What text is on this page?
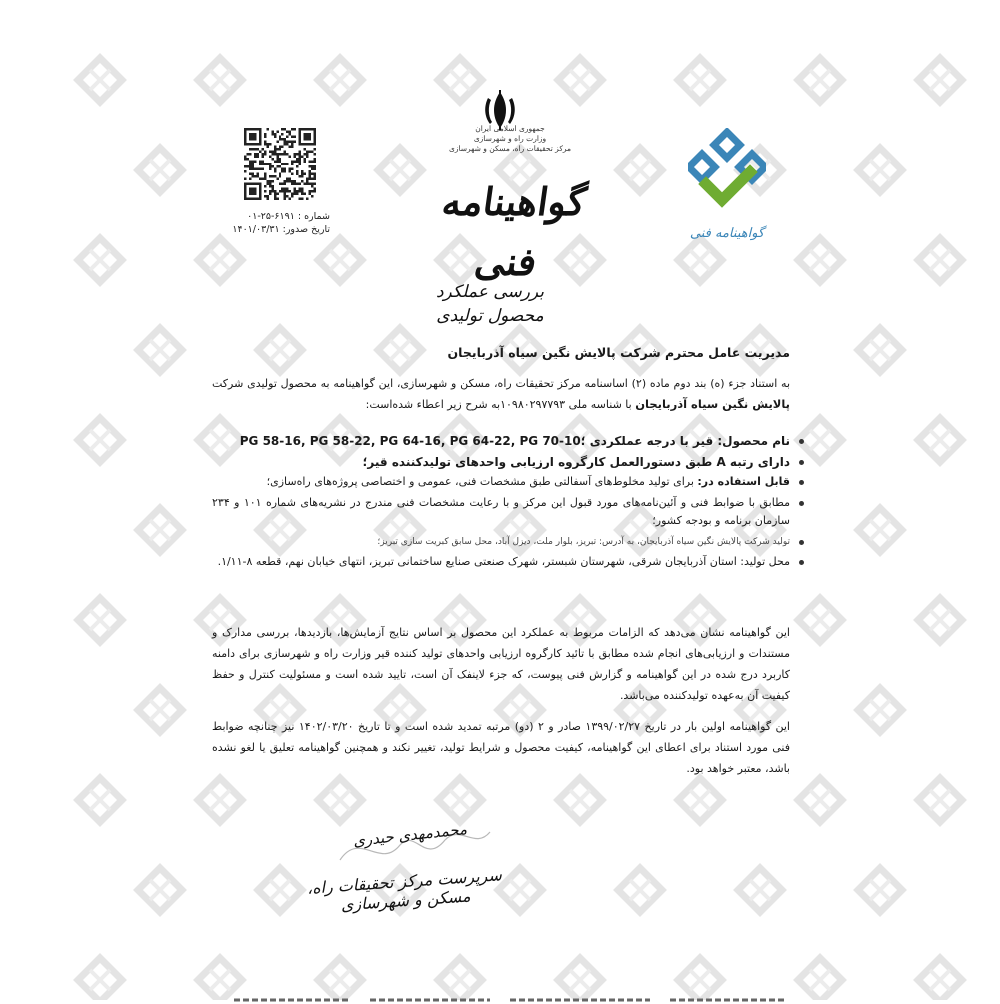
جمهوری اسلامی ایران
وزارت راه و شهرسازی
مرکز تحقیقات راه، مسکن و شهرسازی
گواهینامه فنی
بررسی عملکرد محصول تولیدی
شماره : ۶۱۹۱-۲۵-۰۱
تاریخ صدور: ۱۴۰۱/۰۳/۳۱	گواهینامه فنی
مدیریت عامل محترم شرکت پالایش نگین سیاه آذربایجان
به استناد جزء (ه) بند دوم ماده (۲) اساسنامه مرکز تحقیقات راه، مسکن و شهرسازی، این گواهینامه به محصول تولیدی شرکت پالایش نگین سیاه آذربایجان با شناسه ملی ۱۰۹۸۰۲۹۷۷۹۳به شرح زیر اعطاء شده‌است:
نام محصول: قیر با درجه عملکردی PG 58-16, PG 58-22, PG 64-16, PG 64-22, PG 70-10؛
دارای رتبه A طبق دستورالعمل کارگروه ارزیابی واحدهای تولیدکننده قیر؛
قابل استفاده در: برای تولید مخلوط‌های آسفالتی طبق مشخصات فنی، عمومی و اختصاصی پروژه‌های راه‌سازی؛
مطابق با ضوابط فنی و آئین‌نامه‌های مورد قبول این مرکز و با رعایت مشخصات فنی مندرج در نشریه‌های شماره ۱۰۱ و ۲۳۴ سازمان برنامه و بودجه کشور؛
تولید شرکت پالایش نگین سیاه آذربایجان، به آدرس: تبریز، بلوار ملت، دیزل آباد، محل سابق کبریت سازی تبریز؛
محل تولید: استان آذربایجان شرقی، شهرستان شبستر، شهرک صنعتی صنایع ساختمانی تبریز، انتهای خیابان نهم، قطعه ۸-۱/۱۱.
این گواهینامه نشان می‌دهد که الزامات مربوط به عملکرد این محصول بر اساس نتایج آزمایش‌ها، بازدیدها، بررسی مدارک و مستندات و ارزیابی‌های انجام شده مطابق با تائید کارگروه ارزیابی واحدهای تولید کننده قیر وزارت راه و شهرسازی برای دامنه کاربرد درج شده در این گواهینامه و گزارش فنی پیوست، که جزء لاینفک آن است، تایید شده است و مسئولیت کنترل و حفظ کیفیت آن به‌عهده تولیدکننده می‌باشد.
این گواهینامه اولین بار در تاریخ ۱۳۹۹/۰۲/۲۷ صادر و ۲ (دو) مرتبه تمدید شده است و تا تاریخ ۱۴۰۲/۰۳/۲۰ نیز چنانچه ضوابط فنی مورد استناد برای اعطای این گواهینامه، کیفیت محصول و شرایط تولید، تغییر نکند و همچنین گواهینامه تعلیق یا لغو نشده باشد، معتبر خواهد بود.
محمدمهدی حیدری
سرپرست مرکز تحقیقات راه، مسکن و شهرسازی
